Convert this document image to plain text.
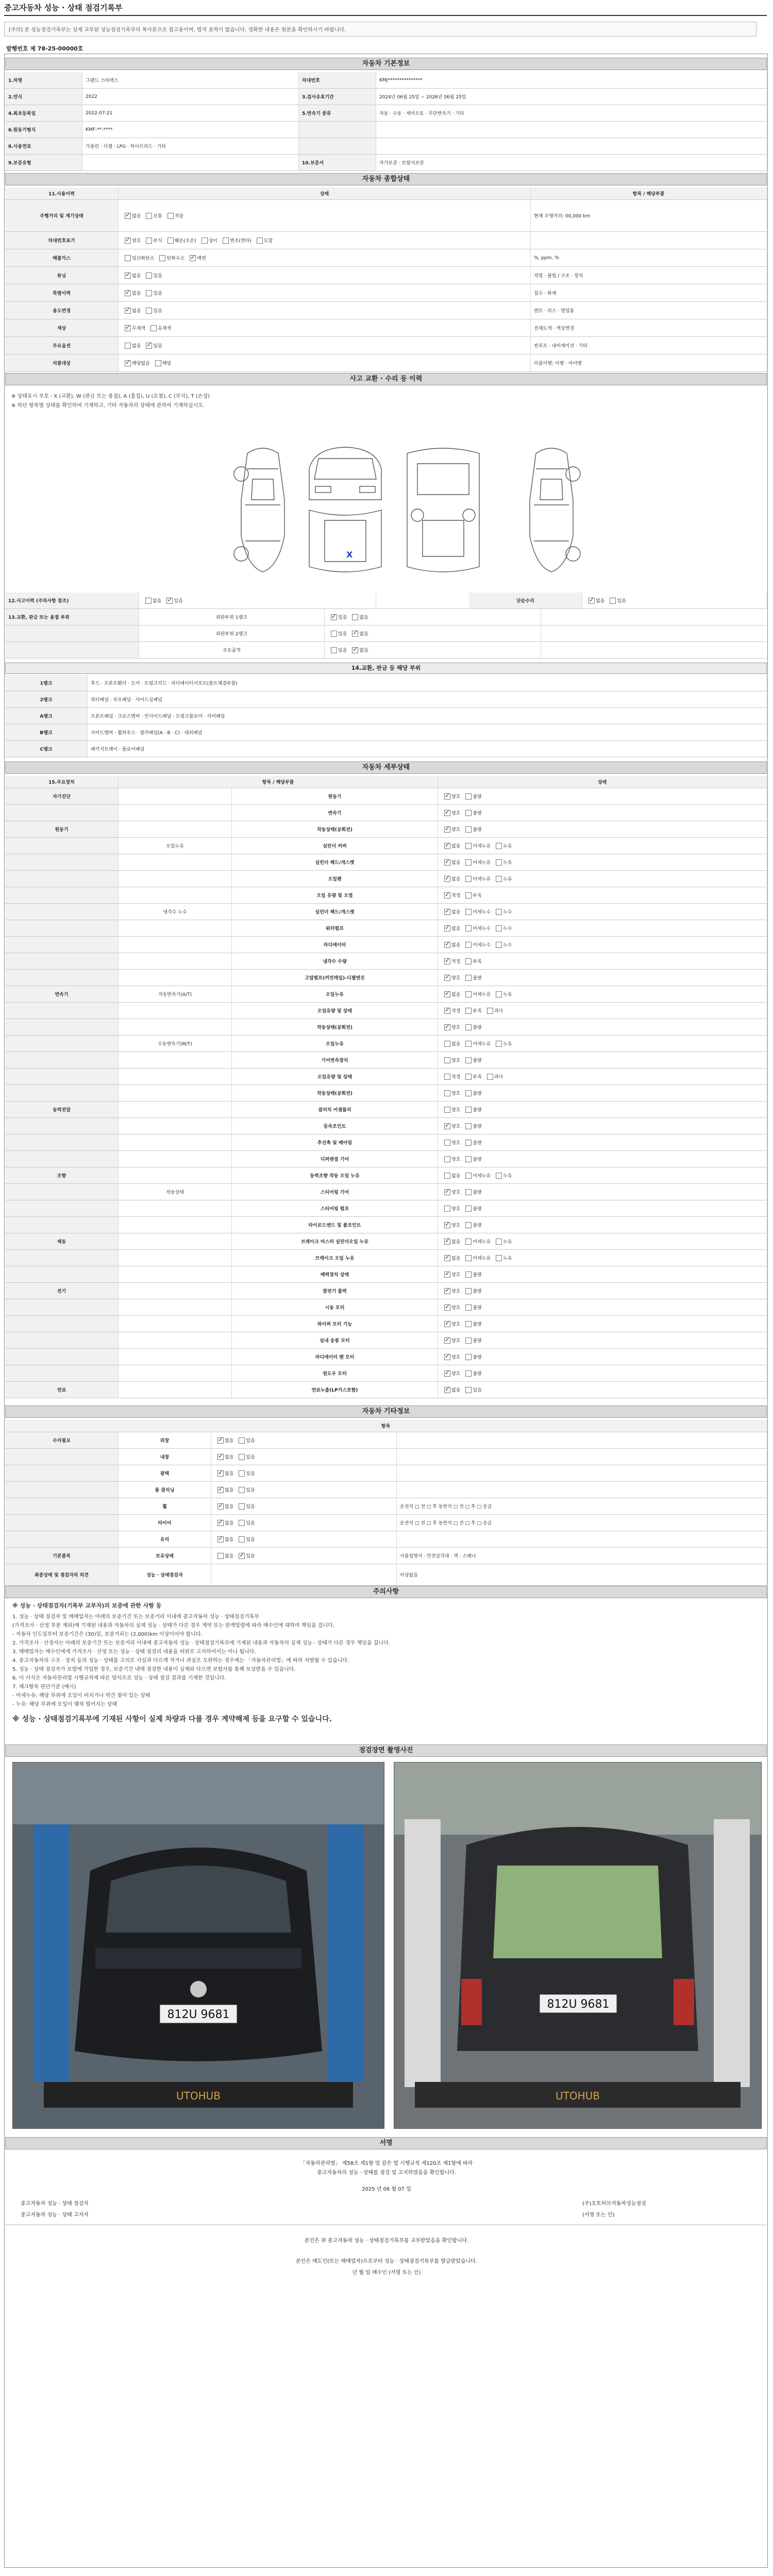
중고자동차 성능 · 상태 점검기록부
[주의] 본 성능점검기록부는 실제 교부된 성능점검기록부의 복사본으로 참고용이며, 법적 효력이 없습니다. 정확한 내용은 원본을 확인하시기 바랍니다.
발행번호 제 78-25-00000호
자동차 기본정보
자동차 종합상태
사고 교환 · 수리 등 이력
※ 상태표시 부호 : X (교환), W (판금 또는 용접), A (흠집), U (요철), C (부식), T (손상)
※ 하단 항목별 상태를 확인하여 기재하고, 기타 자동차의 상태에 관하여 기재하십시오.
X
14.교환, 판금 등 해당 부위
자동차 세부상태
자동차 기타정보
주의사항
※ 성능 · 상태점검자(기록부 교부자)의 보증에 관한 사항 등
1. 성능 · 상태 점검자 및 매매업자는 아래의 보증기간 또는 보증거리 이내에 중고자동차 성능 · 상태점검기록부
(가격조사 · 산정 부분 제외)에 기재된 내용과 자동차의 실제 성능 · 상태가 다른 경우 계약 또는 관계법령에 따라 매수인에 대하여 책임을 집니다.
- 자동차 인도일부터 보증기간은 (30)일, 보증거리는 (2,000)km 이상이어야 합니다.
2. 가격조사 · 산정자는 아래의 보증기간 또는 보증거리 이내에 중고자동차 성능 · 상태점검기록부에 기재된 내용과 자동차의 실제 성능 · 상태가 다른 경우 책임을 집니다.
3. 매매업자는 매수인에게 가격조사 · 산정 또는 성능 · 상태 점검의 내용을 허위로 고지하여서는 아니 됩니다.
4. 중고자동차의 구조 · 장치 등의 성능 · 상태를 고의로 사실과 다르게 적거나 과실로 오판하는 경우에는 「자동차관리법」에 따라 처벌될 수 있습니다.
5. 성능 · 상태 점검자가 보험에 가입한 경우, 보증기간 내에 점검한 내용이 실제와 다르면 보험사를 통해 보상받을 수 있습니다.
6. 이 서식은 자동차관리법 시행규칙에 따른 양식으로 성능 · 상태 점검 결과를 기재한 것입니다.
7. 체크항목 판단기준 (예시)
- 미세누유: 해당 부위에 오일이 비치거나 약간 젖어 있는 상태
- 누유: 해당 부위에 오일이 맺혀 떨어지는 상태
※ 성능 · 상태점검기록부에 기재된 사항이 실제 차량과 다를 경우 계약해제 등을 요구할 수 있습니다.
점검장면 촬영사진
812U 9681
UTOHUB
812U 9681
UTOHUB
서명
「자동차관리법」 제58조 제1항 및 같은 법 시행규칙 제120조 제1항에 따라
중고자동차의 성능 · 상태를 점검 및 고지하였음을 확인합니다.
2025 년 06 월 07 일
중고자동차 성능 · 상태 점검자	(주)오토허브자동차성능점검
중고자동차 성능 · 상태 고지자	(서명 또는 인)
본인은 위 중고자동차 성능 · 상태점검기록부를 교부받았음을 확인합니다.
본인은 매도인(또는 매매업자)으로부터 성능 · 상태점검기록부를 발급받았습니다.
년 월 일 매수인 (서명 또는 인)
1.차명	그랜드 스타렉스	차대번호	KMJ***************
2.연식	2022	3.검사유효기간	2024년 06월 25일 ~ 2026년 06월 25일
4.최초등록일	2022-07-21	5.변속기 종류	자동 · 수동 · 세미오토 · 무단변속기 · 기타
6.원동기형식	KMF-**-****
8.사용연료	가솔린 · 디젤 · LPG · 하이브리드 · 기타
9.보증유형	10.보증서	자가보증 · 보험사보증
11.사용이력	상태	항목 / 해당부품
주행거리 및 계기상태 ✓	많음	보통	적음	현재 주행거리: 00,000 km
차대번호표기 ✓	양호	부식	훼손(오손)	상이	변조(변타)	도말
배출가스	일산화탄소	탄화수소 ✓	매연	%, ppm, %
튜닝 ✓	없음	있음	적법 · 불법 / 구조 · 장치
특별이력 ✓	없음	있음	침수 · 화재
용도변경 ✓	없음	있음	렌트 · 리스 · 영업용
색상 ✓	무채색	유채색	전체도색 · 색상변경
주요옵션	없음 ✓	있음	썬루프 · 네비게이션 · 기타
리콜대상 ✓	해당없음	해당	리콜이행: 이행 · 미이행
12.사고이력 (주의사항 참조)	없음 ✓	있음	단순수리 ✓	없음	있음
13.교환, 판금 또는 용접 부위	외판부위 1랭크 ✓	있음	없음
외판부위 2랭크	있음 ✓	없음
주요골격	있음 ✓	없음
1랭크	후드 · 프론트휀더 · 도어 · 트렁크리드 · 라디에이터서포트(볼트체결부품)
2랭크	쿼터패널 · 루프패널 · 사이드실패널
A랭크	프론트패널 · 크로스멤버 · 인사이드패널 · 트렁크플로어 · 리어패널
B랭크	사이드멤버 · 휠하우스 · 필러패널(A · B · C) · 대쉬패널
C랭크	패키지트레이 · 플로어패널
15.주요장치	항목 / 해당부품	상태
자기진단	원동기 ✓	양호	불량
변속기 ✓	양호	불량
원동기	작동상태(공회전) ✓	양호	불량
오일누유	실린더 커버 ✓	없음	미세누유	누유
실린더 헤드/개스켓 ✓	없음	미세누유	누유
오일팬 ✓	없음	미세누유	누유
오일 유량 및 오염 ✓	적정	부족
냉각수 누수	실린더 헤드/개스켓 ✓	없음	미세누수	누수
워터펌프 ✓	없음	미세누수	누수
라디에이터 ✓	없음	미세누수	누수
냉각수 수량 ✓	적정	부족
고압펌프(커먼레일)-디젤엔진 ✓	양호	불량
변속기	자동변속기(A/T)	오일누유 ✓	없음	미세누유	누유
오일유량 및 상태 ✓	적정	부족	과다
작동상태(공회전) ✓	양호	불량
수동변속기(M/T)	오일누유	없음	미세누유	누유
기어변속장치	양호	불량
오일유량 및 상태	적정	부족	과다
작동상태(공회전)	양호	불량
동력전달	클러치 어셈블리	양호	불량
등속조인트 ✓	양호	불량
추진축 및 베어링	양호	불량
디퍼렌셜 기어	양호	불량
조향	동력조향 작동 오일 누유	없음	미세누유	누유
작동상태	스티어링 기어 ✓	양호	불량
스티어링 펌프	양호	불량
타이로드엔드 및 볼조인트 ✓	양호	불량
제동	브레이크 마스터 실린더오일 누유 ✓	없음	미세누유	누유
브레이크 오일 누유 ✓	없음	미세누유	누유
배력장치 상태 ✓	양호	불량
전기	발전기 출력 ✓	양호	불량
시동 모터 ✓	양호	불량
와이퍼 모터 기능 ✓	양호	불량
실내 송풍 모터 ✓	양호	불량
라디에이터 팬 모터 ✓	양호	불량
윈도우 모터 ✓	양호	불량
연료	연료누출(LP가스포함) ✓	없음	있음
항목
수리필요	외장 ✓	없음	있음
내장 ✓	없음	있음
광택 ✓	없음	있음
룸 클리닝 ✓	없음	있음
휠 ✓	없음	있음	운전석 □ 전 □ 후 동반석 □ 전 □ 후 □ 응급
타이어 ✓	없음	있음	운전석 □ 전 □ 후 동반석 □ 전 □ 후 □ 응급
유리 ✓	없음	있음
기본품목	보유상태	없음 ✓	있음	사용설명서 · 안전삼각대 · 잭 · 스패너
최종상태 및 점검자의 의견	성능 · 상태점검자	이상없음
